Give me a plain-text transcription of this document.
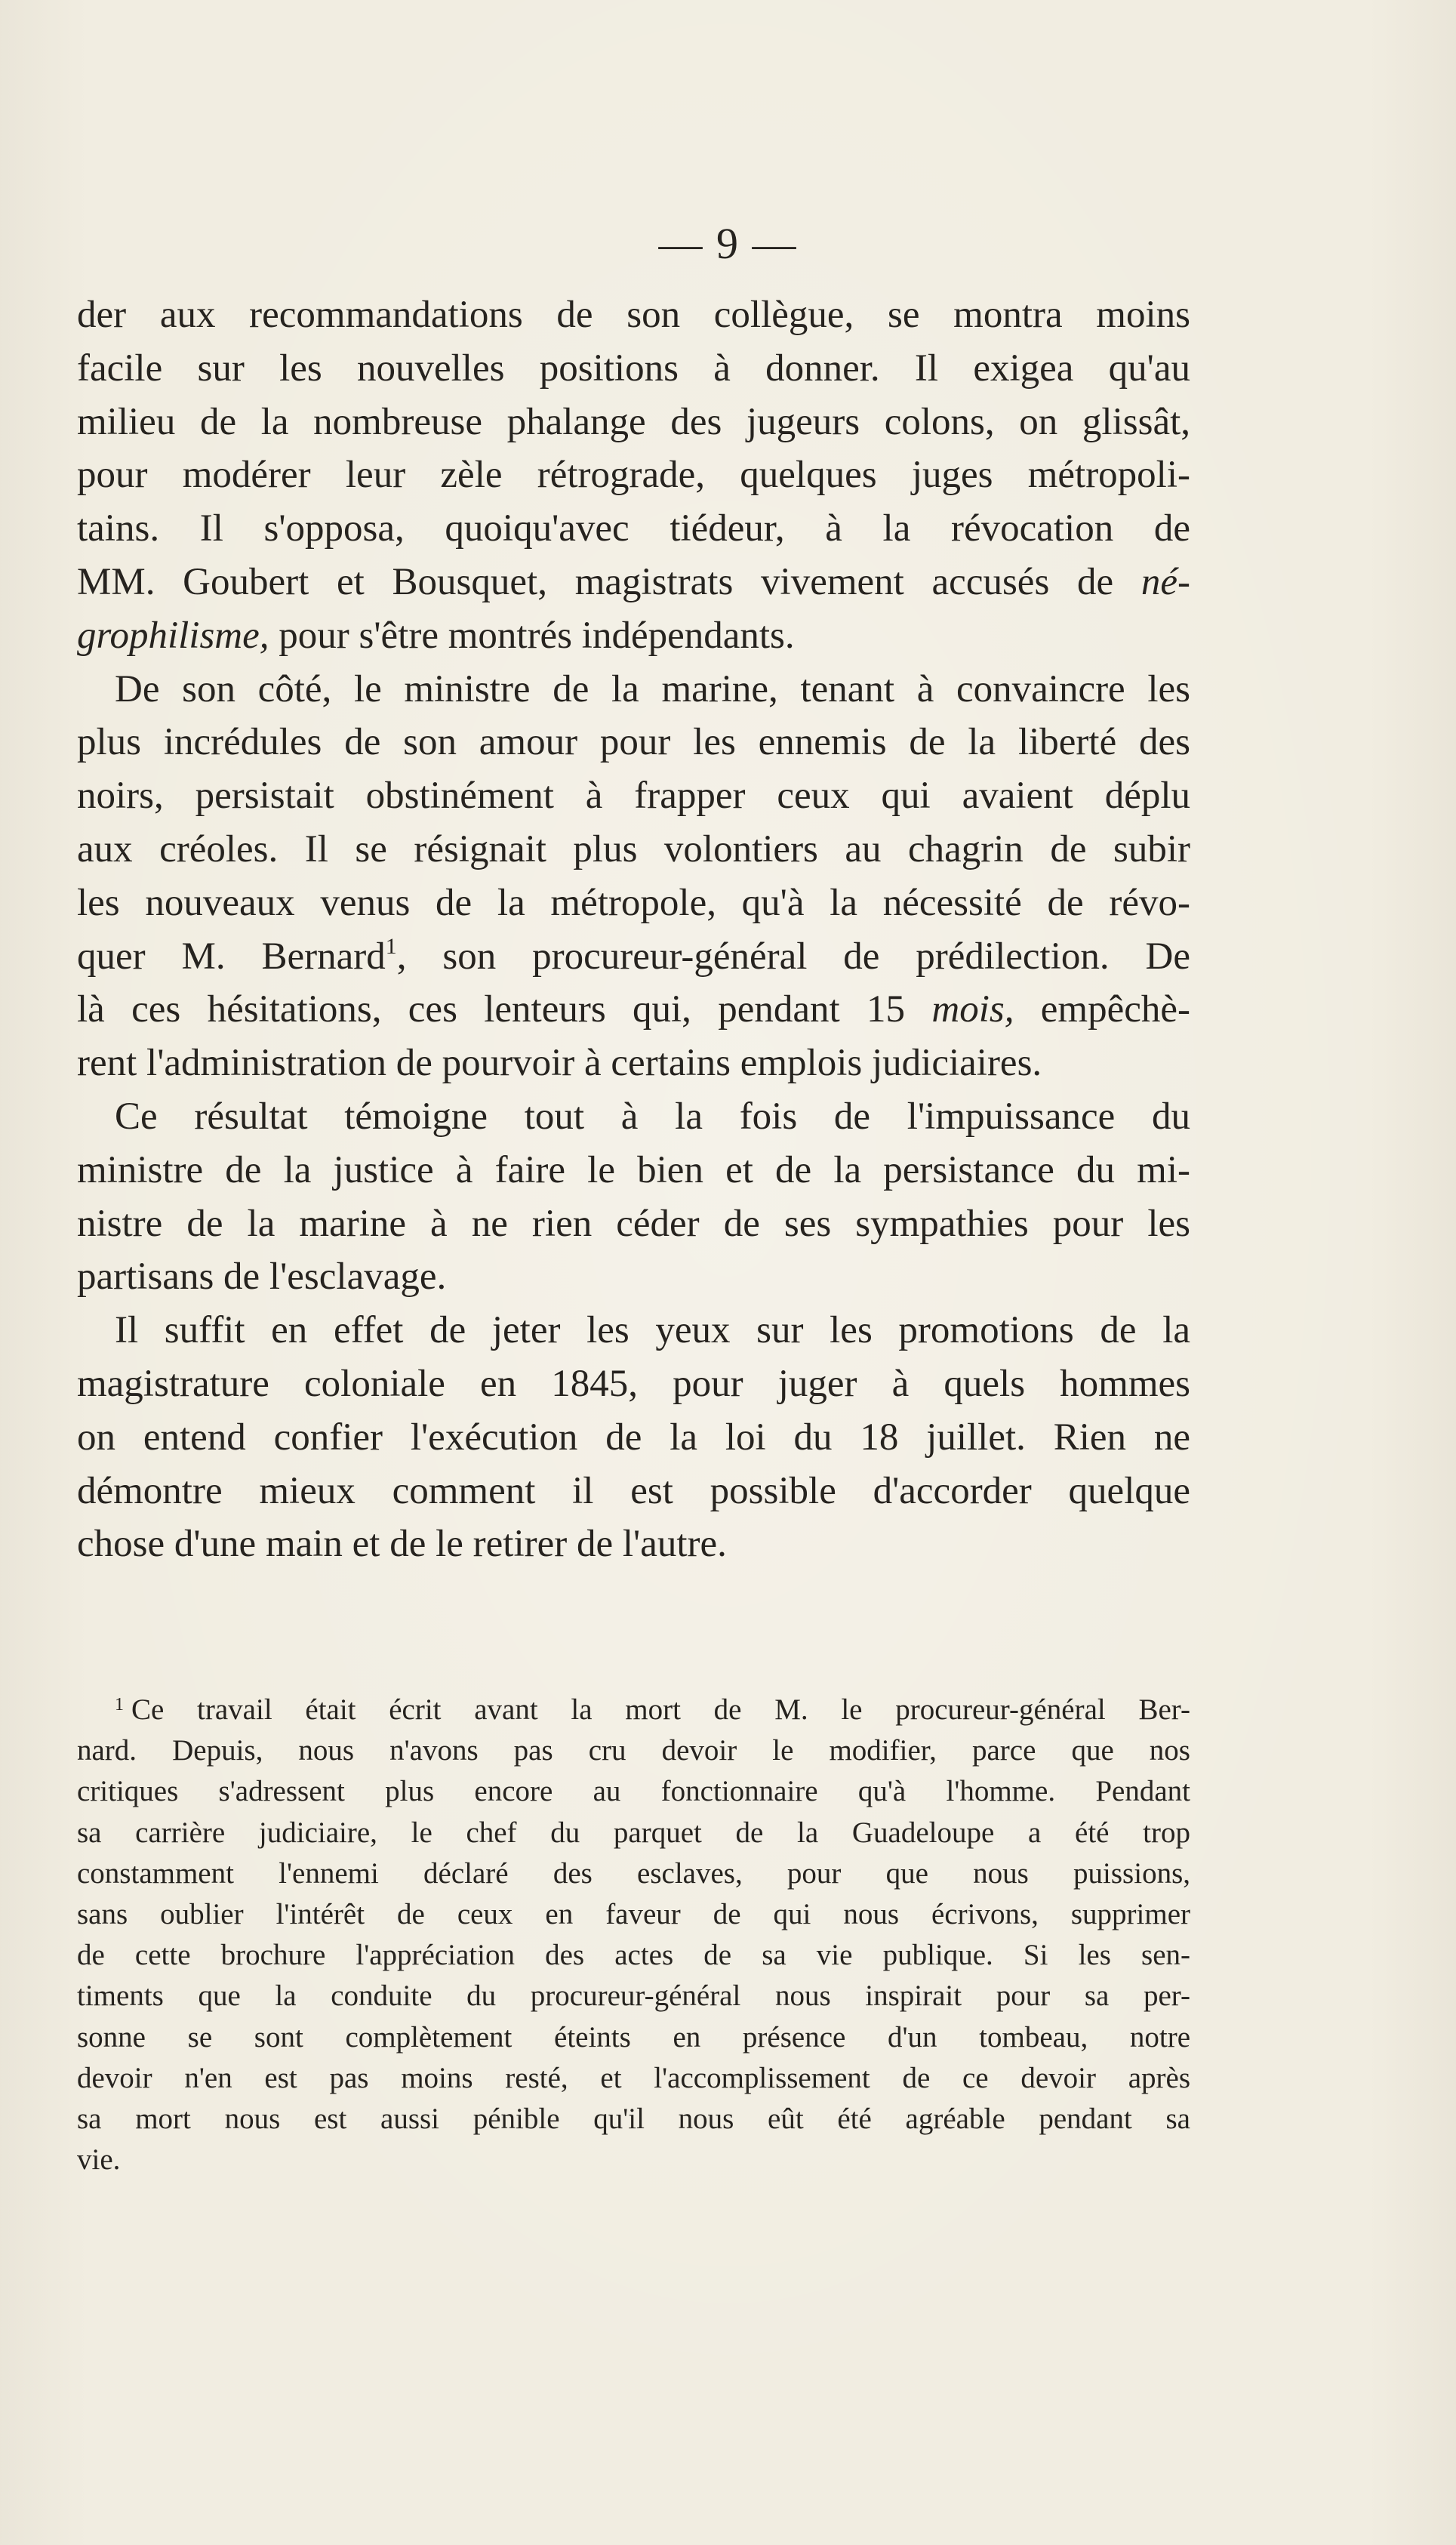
— 9 —
der aux recommandations de son collègue, se montra moins
facile sur les nouvelles positions à donner. Il exigea qu'au
milieu de la nombreuse phalange des jugeurs colons, on glissât,
pour modérer leur zèle rétrograde, quelques juges métropoli-
tains. Il s'opposa, quoiqu'avec tiédeur, à la révocation de
MM. Goubert et Bousquet, magistrats vivement accusés de né-
grophilisme, pour s'être montrés indépendants.
De son côté, le ministre de la marine, tenant à convaincre les
plus incrédules de son amour pour les ennemis de la liberté des
noirs, persistait obstinément à frapper ceux qui avaient déplu
aux créoles. Il se résignait plus volontiers au chagrin de subir
les nouveaux venus de la métropole, qu'à la nécessité de révo-
quer M. Bernard$^1$, son procureur-général de prédilection. De
là ces hésitations, ces lenteurs qui, pendant 15 mois, empêchè-
rent l'administration de pourvoir à certains emplois judiciaires.
Ce résultat témoigne tout à la fois de l'impuissance du
ministre de la justice à faire le bien et de la persistance du mi-
nistre de la marine à ne rien céder de ses sympathies pour les
partisans de l'esclavage.
Il suffit en effet de jeter les yeux sur les promotions de la
magistrature coloniale en 1845, pour juger à quels hommes
on entend confier l'exécution de la loi du 18 juillet. Rien ne
démontre mieux comment il est possible d'accorder quelque
chose d'une main et de le retirer de l'autre.
$^1$ Ce travail était écrit avant la mort de M. le procureur-général Ber-
nard. Depuis, nous n'avons pas cru devoir le modifier, parce que nos
critiques s'adressent plus encore au fonctionnaire qu'à l'homme. Pendant
sa carrière judiciaire, le chef du parquet de la Guadeloupe a été trop
constamment l'ennemi déclaré des esclaves, pour que nous puissions,
sans oublier l'intérêt de ceux en faveur de qui nous écrivons, supprimer
de cette brochure l'appréciation des actes de sa vie publique. Si les sen-
timents que la conduite du procureur-général nous inspirait pour sa per-
sonne se sont complètement éteints en présence d'un tombeau, notre
devoir n'en est pas moins resté, et l'accomplissement de ce devoir après
sa mort nous est aussi pénible qu'il nous eût été agréable pendant sa
vie.
